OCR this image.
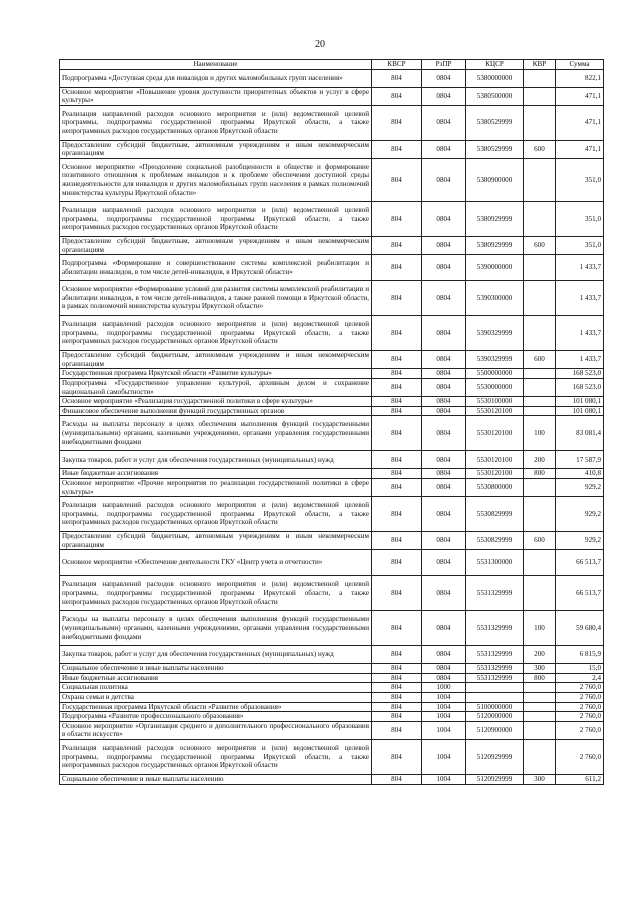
20
Наименование	КВСР	РзПР	КЦСР	КВР	Сумма
Подпрограмма «Доступная среда для инвалидов и других маломобильных групп населения»	804	0804	5380000000		822,1
Основное мероприятие «Повышение уровня доступности приоритетных объектов и услуг в сфере культуры»	804	0804	5380500000		471,1
Реализация направлений расходов основного мероприятия и (или) ведомственной целевой программы, подпрограммы государственной программы Иркутской области, а также непрограммных расходов государственных органов Иркутской области	804	0804	5380529999		471,1
Предоставление субсидий бюджетным, автономным учреждениям и иным некоммерческим организациям	804	0804	5380529999	600	471,1
Основное мероприятие «Преодоление социальной разобщенности в обществе и формирование позитивного отношения к проблемам инвалидов и к проблеме обеспечения доступной среды жизнедеятельности для инвалидов и других маломобильных групп населения в рамках полномочий министерства культуры Иркутской области»	804	0804	5380900000		351,0
Реализация направлений расходов основного мероприятия и (или) ведомственной целевой программы, подпрограммы государственной программы Иркутской области, а также непрограммных расходов государственных органов Иркутской области	804	0804	5380929999		351,0
Предоставление субсидий бюджетным, автономным учреждениям и иным некоммерческим организациям	804	0804	5380929999	600	351,0
Подпрограмма «Формирование и совершенствование системы комплексной реабилитации и абилитации инвалидов, в том числе детей-инвалидов, в Иркутской области»	804	0804	5390000000		1 433,7
Основное мероприятие «Формирование условий для развития системы комплексной реабилитации и абилитации инвалидов, в том числе детей-инвалидов, а также ранней помощи в Иркутской области, в рамках полномочий министерства культуры Иркутской области»	804	0804	5390300000		1 433,7
Реализация направлений расходов основного мероприятия и (или) ведомственной целевой программы, подпрограммы государственной программы Иркутской области, а также непрограммных расходов государственных органов Иркутской области	804	0804	5390329999		1 433,7
Предоставление субсидий бюджетным, автономным учреждениям и иным некоммерческим организациям	804	0804	5390329999	600	1 433,7
Государственная программа Иркутской области «Развитие культуры»	804	0804	5500000000		168 523,0
Подпрограмма «Государственное управление культурой, архивным делом и сохранение национальной самобытности»	804	0804	5530000000		168 523,0
Основное мероприятие «Реализация государственной политики в сфере культуры»	804	0804	5530100000		101 080,1
Финансовое обеспечение выполнения функций государственных органов	804	0804	5530120100		101 080,1
Расходы на выплаты персоналу в целях обеспечения выполнения функций государственными (муниципальными) органами, казенными учреждениями, органами управления государственными внебюджетными фондами	804	0804	5530120100	100	83 081,4
Закупка товаров, работ и услуг для обеспечения государственных (муниципальных) нужд	804	0804	5530120100	200	17 587,9
Иные бюджетные ассигнования	804	0804	5530120100	800	410,8
Основное мероприятие «Прочие мероприятия по реализации государственной политики в сфере культуры»	804	0804	5530800000		929,2
Реализация направлений расходов основного мероприятия и (или) ведомственной целевой программы, подпрограммы государственной программы Иркутской области, а также непрограммных расходов государственных органов Иркутской области	804	0804	5530829999		929,2
Предоставление субсидий бюджетным, автономным учреждениям и иным некоммерческим организациям	804	0804	5530829999	600	929,2
Основное мероприятие «Обеспечение деятельности ГКУ «Центр учета и отчетности»	804	0804	5531300000		66 513,7
Реализация направлений расходов основного мероприятия и (или) ведомственной целевой программы, подпрограммы государственной программы Иркутской области, а также непрограммных расходов государственных органов Иркутской области	804	0804	5531329999		66 513,7
Расходы на выплаты персоналу в целях обеспечения выполнения функций государственными (муниципальными) органами, казенными учреждениями, органами управления государственными внебюджетными фондами	804	0804	5531329999	100	59 680,4
Закупка товаров, работ и услуг для обеспечения государственных (муниципальных) нужд	804	0804	5531329999	200	6 815,9
Социальное обеспечение и иные выплаты населению	804	0804	5531329999	300	15,0
Иные бюджетные ассигнования	804	0804	5531329999	800	2,4
Социальная политика	804	1000			2 760,0
Охрана семьи и детства	804	1004			2 760,0
Государственная программа Иркутской области «Развитие образования»	804	1004	5100000000		2 760,0
Подпрограмма «Развитие профессионального образования»	804	1004	5120000000		2 760,0
Основное мероприятие «Организация среднего и дополнительного профессионального образования в области искусств»	804	1004	5120900000		2 760,0
Реализация направлений расходов основного мероприятия и (или) ведомственной целевой программы, подпрограммы государственной программы Иркутской области, а также непрограммных расходов государственных органов Иркутской области	804	1004	5120929999		2 760,0
Социальное обеспечение и иные выплаты населению	804	1004	5120929999	300	611,2
